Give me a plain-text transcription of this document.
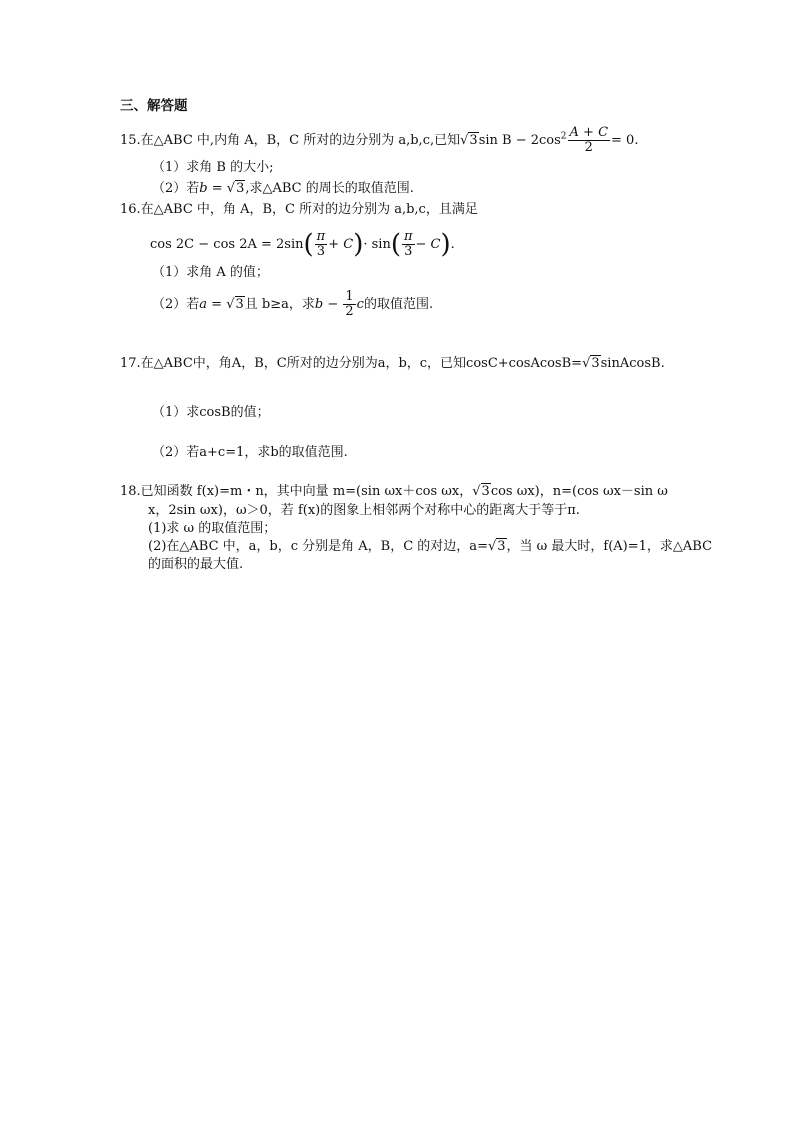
三、解答题
15.在△ABC 中,内角 A，B，C 所对的边分别为 a,b,c,已知√3sin $B - 2\cos^2 \frac{A + C}{2} = 0$.
（1）求角 B 的大小;
（2）若b = √3,求△ABC 的周长的取值范围.
16.在△ABC 中，角 A，B，C 所对的边分别为 a,b,c，且满足
$\cos 2C - \cos 2A = 2\sin( \frac{\pi}{3} + C)\cdot \sin( \frac{\pi}{3} - C)$.
（1）求角 A 的值；
（2）若a = √3且 b≥a，求$b - \frac{1}{2}$ c的取值范围.
17.在△ABC中，角A，B，C所对的边分别为a，b，c，已知cosC+cosAcosB=√3sinAcosB.
（1）求cosB的值；
（2）若a+c=1，求b的取值范围.
18.已知函数 f(x)=m・n，其中向量 m=(sin ωx＋cos ωx，√3cos ωx)，n=(cos ωx－sin ω
x，2sin ωx)，ω＞0，若 f(x)的图象上相邻两个对称中心的距离大于等于π.
(1)求 ω 的取值范围；
(2)在△ABC 中，a，b，c 分别是角 A，B，C 的对边，a=√3，当 ω 最大时，f(A)=1，求△ABC
的面积的最大值.
